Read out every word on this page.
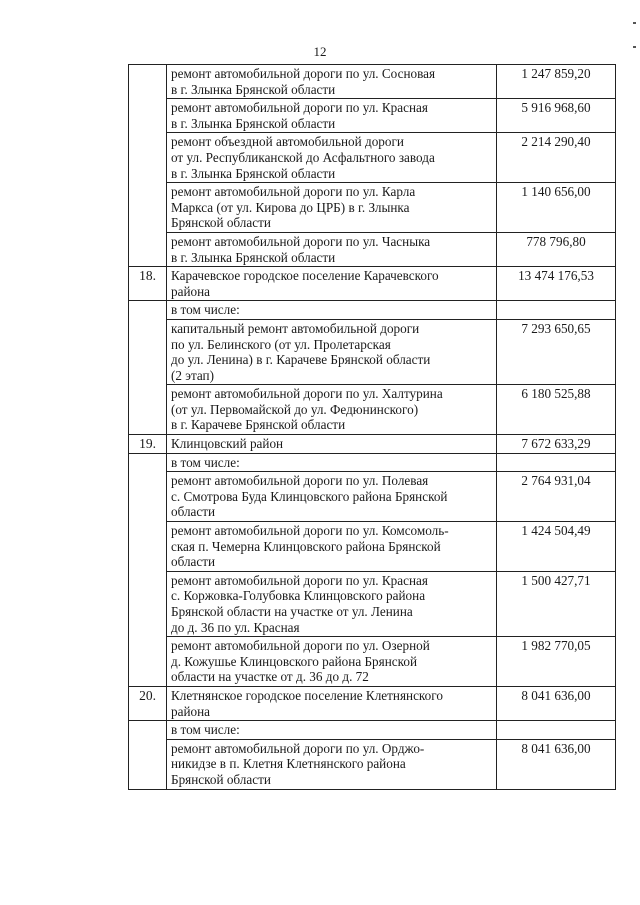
12

	ремонт автомобильной дороги по ул. Сосновая
в г. Злынка Брянской области	1 247 859,20

	ремонт автомобильной дороги по ул. Красная
в г. Злынка Брянской области	5 916 968,60

	ремонт объездной автомобильной дороги
от ул. Республиканской до Асфальтного завода
в г. Злынка Брянской области	2 214 290,40

	ремонт автомобильной дороги по ул. Карла
Маркса (от ул. Кирова до ЦРБ) в г. Злынка
Брянской области	1 140 656,00

	ремонт автомобильной дороги по ул. Часныка
в г. Злынка Брянской области	778 796,80
18.	Карачевское городское поселение Карачевского
района	13 474 176,53

	в том числе:	

	капитальный ремонт автомобильной дороги
по ул. Белинского (от ул. Пролетарская
до ул. Ленина) в г. Карачеве Брянской области
(2 этап)	7 293 650,65

	ремонт автомобильной дороги по ул. Халтурина
(от ул. Первомайской до ул. Федюнинского)
в г. Карачеве Брянской области	6 180 525,88
19.	Клинцовский район	7 672 633,29

	в том числе:	

	ремонт автомобильной дороги по ул. Полевая
с. Смотрова Буда Клинцовского района Брянской
области	2 764 931,04

	ремонт автомобильной дороги по ул. Комсомоль-
ская п. Чемерна Клинцовского района Брянской
области	1 424 504,49

	ремонт автомобильной дороги по ул. Красная
с. Коржовка-Голубовка Клинцовского района
Брянской области на участке от ул. Ленина
до д. 36 по ул. Красная	1 500 427,71

	ремонт автомобильной дороги по ул. Озерной
д. Кожушье Клинцовского района Брянской
области на участке от д. 36 до д. 72	1 982 770,05
20.	Клетнянское городское поселение Клетнянского
района	8 041 636,00

	в том числе:	

	ремонт автомобильной дороги по ул. Орджо-
никидзе в п. Клетня Клетнянского района
Брянской области	8 041 636,00
